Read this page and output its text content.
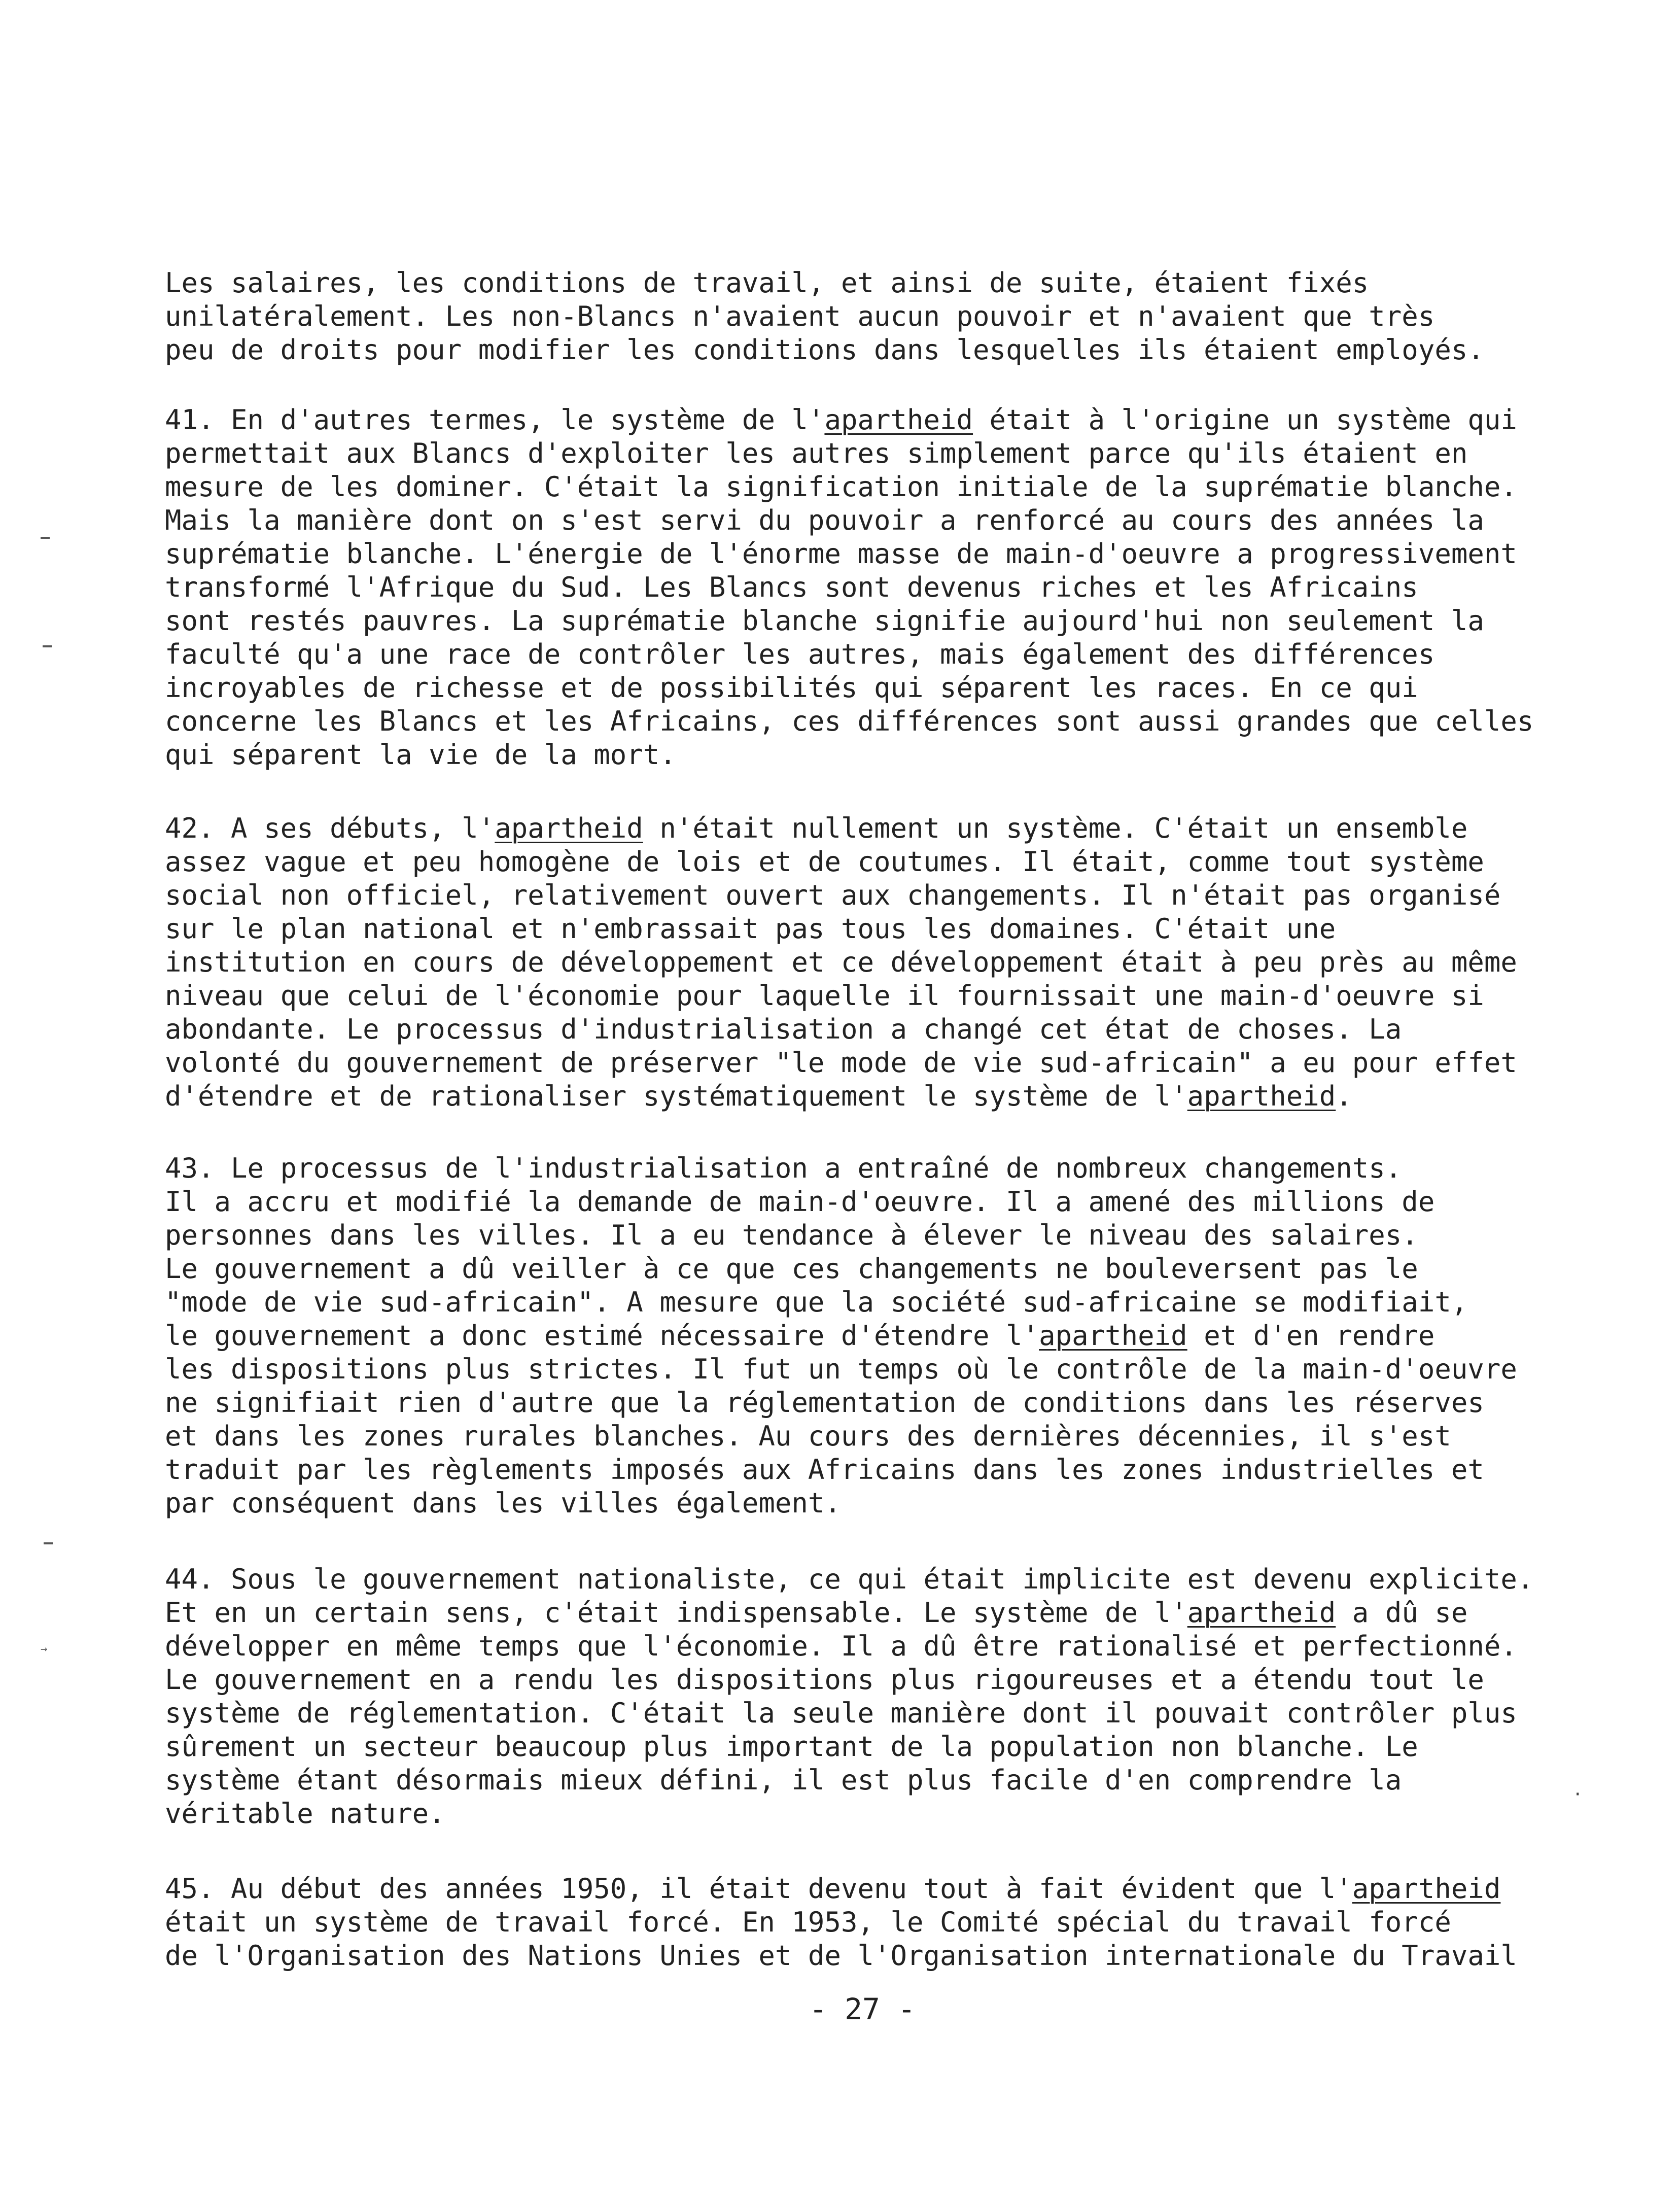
Les salaires, les conditions de travail, et ainsi de suite, étaient fixés
unilatéralement. Les non-Blancs n'avaient aucun pouvoir et n'avaient que très
peu de droits pour modifier les conditions dans lesquelles ils étaient employés.
41. En d'autres termes, le système de l'apartheid était à l'origine un système qui
permettait aux Blancs d'exploiter les autres simplement parce qu'ils étaient en
mesure de les dominer. C'était la signification initiale de la suprématie blanche.
Mais la manière dont on s'est servi du pouvoir a renforcé au cours des années la
suprématie blanche. L'énergie de l'énorme masse de main-d'oeuvre a progressivement
transformé l'Afrique du Sud. Les Blancs sont devenus riches et les Africains
sont restés pauvres. La suprématie blanche signifie aujourd'hui non seulement la
faculté qu'a une race de contrôler les autres, mais également des différences
incroyables de richesse et de possibilités qui séparent les races. En ce qui
concerne les Blancs et les Africains, ces différences sont aussi grandes que celles
qui séparent la vie de la mort.
42. A ses débuts, l'apartheid n'était nullement un système. C'était un ensemble
assez vague et peu homogène de lois et de coutumes. Il était, comme tout système
social non officiel, relativement ouvert aux changements. Il n'était pas organisé
sur le plan national et n'embrassait pas tous les domaines. C'était une
institution en cours de développement et ce développement était à peu près au même
niveau que celui de l'économie pour laquelle il fournissait une main-d'oeuvre si
abondante. Le processus d'industrialisation a changé cet état de choses. La
volonté du gouvernement de préserver "le mode de vie sud-africain" a eu pour effet
d'étendre et de rationaliser systématiquement le système de l'apartheid.
43. Le processus de l'industrialisation a entraîné de nombreux changements.
Il a accru et modifié la demande de main-d'oeuvre. Il a amené des millions de
personnes dans les villes. Il a eu tendance à élever le niveau des salaires.
Le gouvernement a dû veiller à ce que ces changements ne bouleversent pas le
"mode de vie sud-africain". A mesure que la société sud-africaine se modifiait,
le gouvernement a donc estimé nécessaire d'étendre l'apartheid et d'en rendre
les dispositions plus strictes. Il fut un temps où le contrôle de la main-d'oeuvre
ne signifiait rien d'autre que la réglementation de conditions dans les réserves
et dans les zones rurales blanches. Au cours des dernières décennies, il s'est
traduit par les règlements imposés aux Africains dans les zones industrielles et
par conséquent dans les villes également.
44. Sous le gouvernement nationaliste, ce qui était implicite est devenu explicite.
Et en un certain sens, c'était indispensable. Le système de l'apartheid a dû se
développer en même temps que l'économie. Il a dû être rationalisé et perfectionné.
Le gouvernement en a rendu les dispositions plus rigoureuses et a étendu tout le
système de réglementation. C'était la seule manière dont il pouvait contrôler plus
sûrement un secteur beaucoup plus important de la population non blanche. Le
système étant désormais mieux défini, il est plus facile d'en comprendre la
véritable nature.
45. Au début des années 1950, il était devenu tout à fait évident que l'apartheid
était un système de travail forcé. En 1953, le Comité spécial du travail forcé
de l'Organisation des Nations Unies et de l'Organisation internationale du Travail
- 27 -
→
·
